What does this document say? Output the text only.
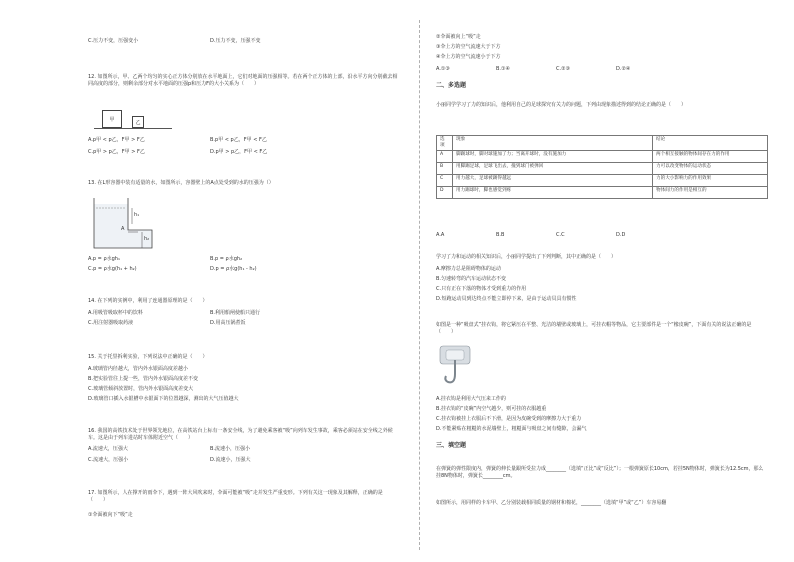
C.压力不变，压强变小	D.压力不变，压强不变
12. 如图所示，甲、乙两个均匀的实心正方体分别放在水平地面上，它们对地面的压强相等。若在两个正方体的上部，沿水平方向分别截去相同高度的部分，则剩余部分对水平地面的压强p和压力F的大小关系为（　　）
甲	乙
A.p甲 < p乙，F甲 > F乙	B.p甲 < p乙，F甲 < F乙
C.p甲 > p乙，F甲 > F乙	D.p甲 > p乙，F甲 < F乙
13. 在L形容器中装有适量的水，如图所示，容器壁上的A点处受到的水的压强为（）
h₁
A
h₂
A.p = ρ水gh₁	B.p = ρ水gh₂
C.p = ρ水g(h₁ + h₂)	D.p = ρ水g(h₁ - h₂)
14. 在下列的实例中，利用了连通器原理的是（　　）
A.用吸管吸取杯中的饮料	B.利用船闸使船只通行
C.用注射器吸取药液	D.用高压锅煮饭
15. 关于托里拆利实验，下列说法中正确的是（　　）
A.玻璃管内径越大，管内外水银面高度差越小
B.把实验管往上提一些，管内外水银面高度差不变
C.玻璃管倾斜放置时，管内外水银面高度差变大
D.玻璃管口插入水银槽中水银面下的位置越深，测出的大气压值越大
16. 我国的高铁技术处于世界领先地位，在高铁站台上标有一条安全线，为了避免乘客被“吸”向列车发生事故，乘客必须站在安全线之外候车。这是由于列车进站时车体附近空气（　　）
A.流速大，压强大	B.流速小，压强小
C.流速大，压强小	D.流速小，压强大
17. 如图所示，人在撑开的雨伞下，遇到一阵大风吹来时，伞面可能被“吸”走并发生严重变形。下列有关这一现象及其解释，正确的是（　　）
①伞面被向下“吸”走
②伞面被向上“吸”走
③伞上方的空气流速大于下方
④伞上方的空气流速小于下方
A.①③	B.①④	C.②③	D.②④
二、多选题
小丽同学学习了力的知识后，他利用自己的足球探究有关力的问题，下列由现象描述得到的结论正确的是（　　）
选项	现象	结论
A	脚踢球时，脚对球施加了力；当离开球时，没有施加力	两个相互接触的物体间存在力的作用
B	用脚踢足球，足球飞出去，撞到球门被弹回	力可以改变物体的运动状态
C	用力越大，足球被踢得越远	力的大小影响力的作用效果
D	用力踢球时，脚也感觉到疼	物体间力的作用是相互的
A.A	B.B	C.C	D.D
学习了力和运动的相关知识后，小丽同学提出了下列判断，其中正确的是（　　）
A.摩擦力总是阻碍物体的运动
B.匀速转弯的汽车运动状态不变
C.只有正在下落的物体才受到重力的作用
D.短跑运动员到达终点不能立即停下来，是由于运动员具有惯性
如图是一种“吸盘式”挂衣钩，将它紧压在平整、光洁的墙壁或玻璃上，可挂衣帽等物品，它主要部件是一个“橡皮碗”，下面有关的说法正确的是（　　）
A.挂衣钩是利用大气压来工作的
B.挂衣钩的“皮碗”内空气越少，则可挂的衣服越重
C.挂衣钩被挂上衣服后不下滑，是因为皮碗受到的摩擦力大于重力
D.不能紧贴在粗糙的水泥墙壁上，粗糙面与吸盘之间有缝隙，会漏气
三、填空题
在弹簧的弹性限度内，弹簧的伸长量跟所受拉力成________（选填“正比”或“反比”）；一根弹簧原长10cm，若挂5N物体时，弹簧长为12.5cm，那么挂8N物体时，弹簧长________cm。
如图所示，用同样的卡车甲、乙分别装载相同质量的钢材和棉花，________（选填“甲”或“乙”）车容易翻
